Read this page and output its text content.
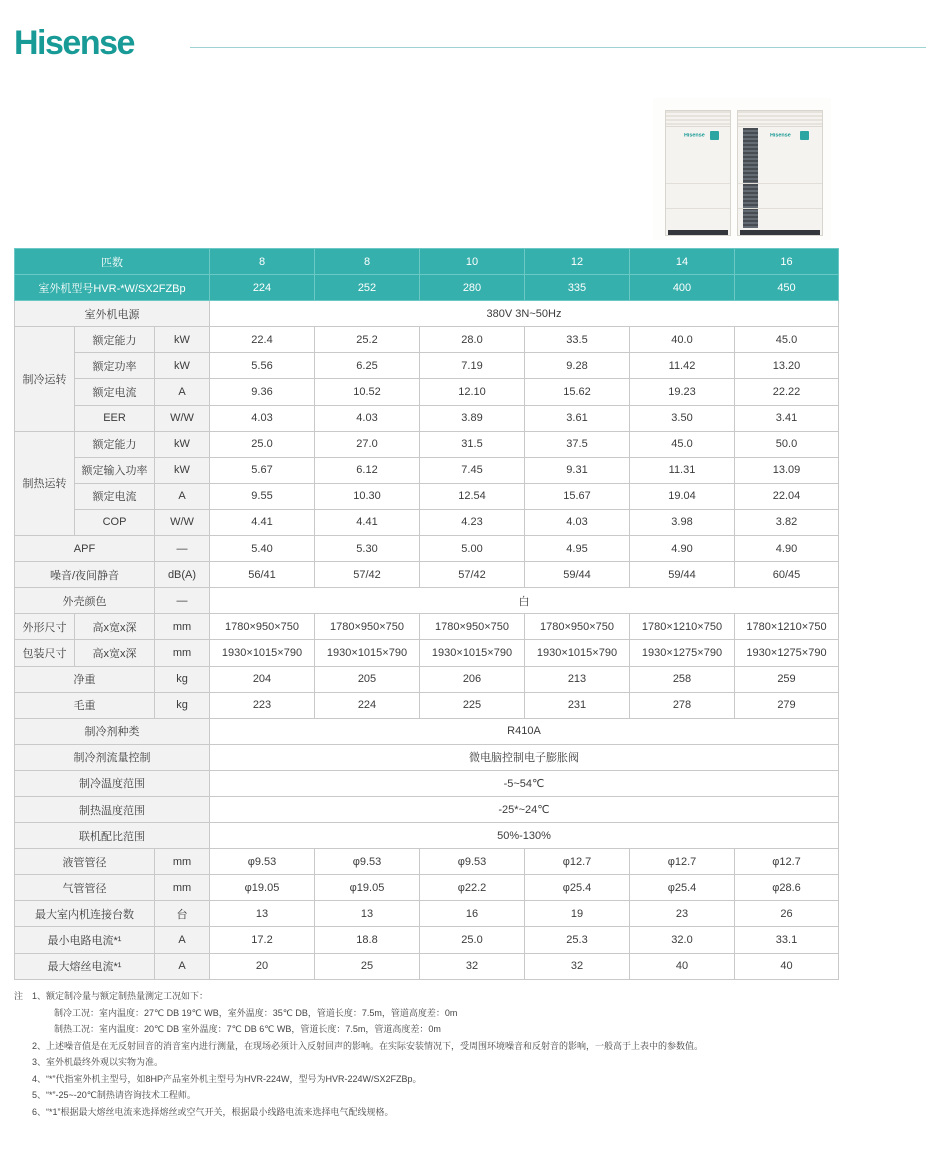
Hisense
Hisense	Hisense
匹数			8	8	10	12	14	16
室外机型号HVR-*W/SX2FZBp			224	252	280	335	400	450
室外机电源			380V 3N~50Hz					
制冷运转	额定能力	kW	22.4	25.2	28.0	33.5	40.0	45.0
	额定功率	kW	5.56	6.25	7.19	9.28	11.42	13.20
	额定电流	A	9.36	10.52	12.10	15.62	19.23	22.22
	EER	W/W	4.03	4.03	3.89	3.61	3.50	3.41
制热运转	额定能力	kW	25.0	27.0	31.5	37.5	45.0	50.0
	额定输入功率	kW	5.67	6.12	7.45	9.31	11.31	13.09
	额定电流	A	9.55	10.30	12.54	15.67	19.04	22.04
	COP	W/W	4.41	4.41	4.23	4.03	3.98	3.82
APF		—	5.40	5.30	5.00	4.95	4.90	4.90
噪音/夜间静音		dB(A)	56/41	57/42	57/42	59/44	59/44	60/45
外壳颜色		—	白					
外形尺寸	高x宽x深	mm	1780×950×750	1780×950×750	1780×950×750	1780×950×750	1780×1210×750	1780×1210×750
包装尺寸	高x宽x深	mm	1930×1015×790	1930×1015×790	1930×1015×790	1930×1015×790	1930×1275×790	1930×1275×790
净重		kg	204	205	206	213	258	259
毛重		kg	223	224	225	231	278	279
制冷剂种类			R410A					
制冷剂流量控制			微电脑控制电子膨胀阀					
制冷温度范围			-5~54℃					
制热温度范围			-25*~24℃					
联机配比范围			50%-130%					
液管管径		mm	φ9.53	φ9.53	φ9.53	φ12.7	φ12.7	φ12.7
气管管径		mm	φ19.05	φ19.05	φ22.2	φ25.4	φ25.4	φ28.6
最大室内机连接台数		台	13	13	16	19	23	26
最小电路电流*¹		A	17.2	18.8	25.0	25.3	32.0	33.1
最大熔丝电流*¹		A	20	25	32	32	40	40
注 1、额定制冷量与额定制热量测定工况如下：
制冷工况：室内温度：27℃ DB 19℃ WB，室外温度：35℃ DB，管道长度：7.5m，管道高度差：0m
制热工况：室内温度：20℃ DB 室外温度：7℃ DB 6℃ WB，管道长度：7.5m，管道高度差：0m
2、上述噪音值是在无反射回音的消音室内进行测量，在现场必须计入反射回声的影响。在实际安装情况下，受周围环境噪音和反射音的影响，一般高于上表中的参数值。
3、室外机最终外观以实物为准。
4、“*”代指室外机主型号，如8HP产品室外机主型号为HVR-224W，型号为HVR-224W/SX2FZBp。
5、“*”-25~-20℃制热请咨询技术工程师。
6、“*1”根据最大熔丝电流来选择熔丝或空气开关，根据最小线路电流来选择电气配线规格。
